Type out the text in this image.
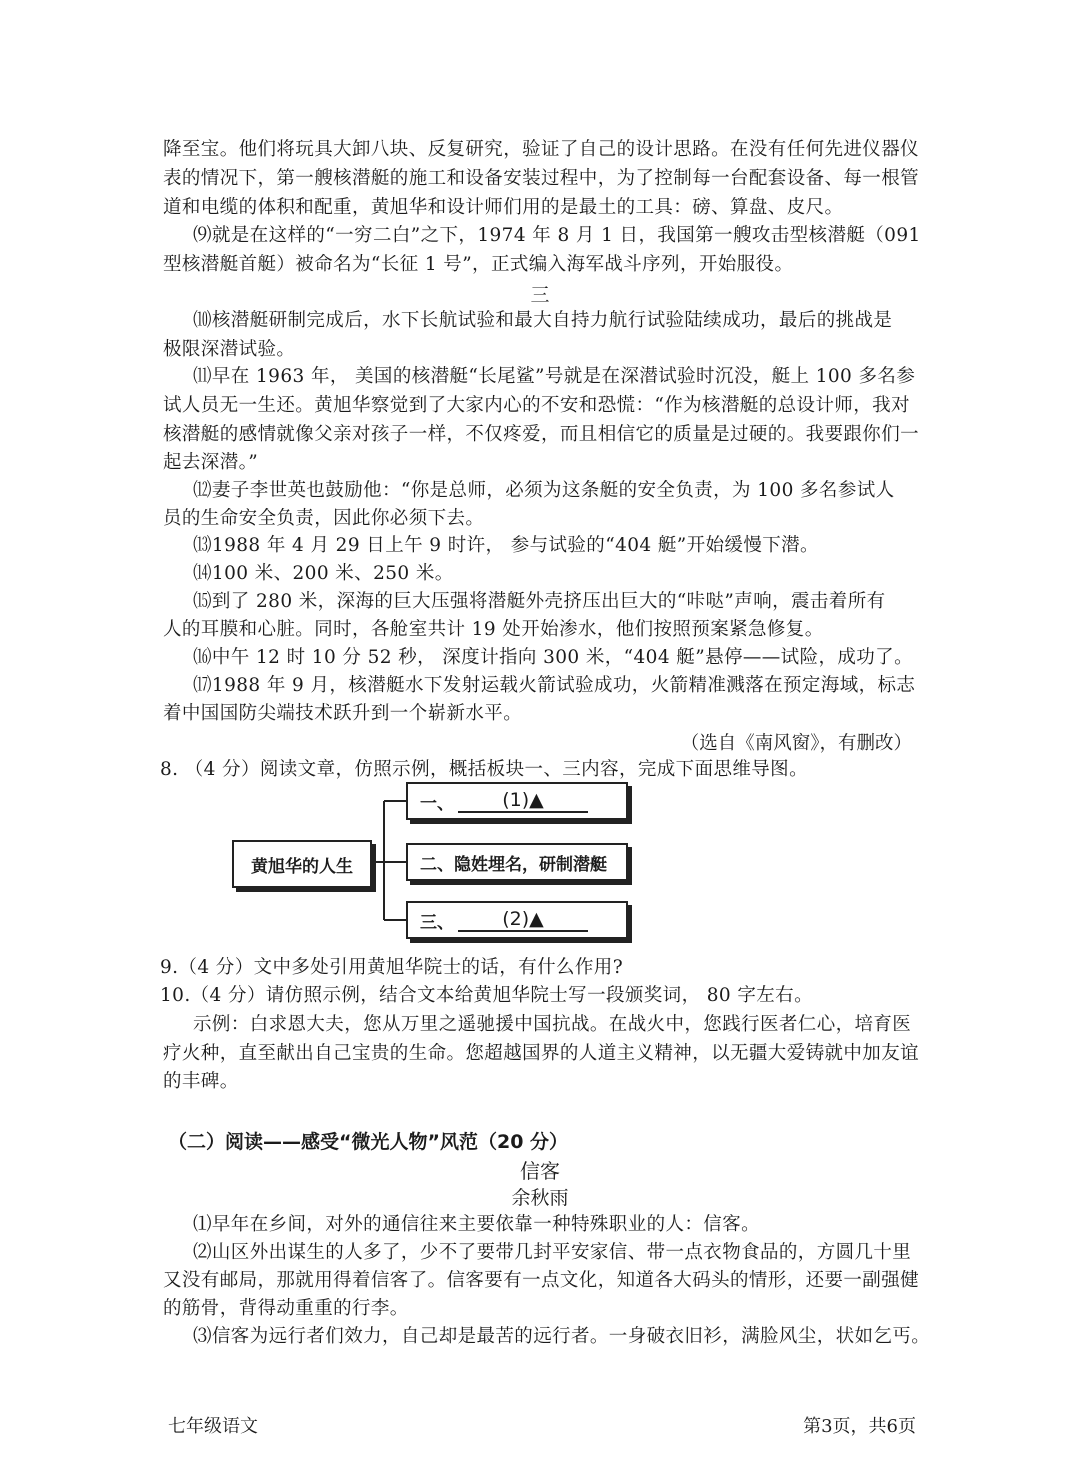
降至宝。他们将玩具大卸八块、反复研究，验证了自己的设计思路。在没有任何先进仪器仪
表的情况下，第一艘核潜艇的施工和设备安装过程中，为了控制每一台配套设备、每一根管
道和电缆的体积和配重，黄旭华和设计师们用的是最土的工具：磅、算盘、皮尺。
⑼就是在这样的“一穷二白”之下，1974 年 8 月 1 日，我国第一艘攻击型核潜艇（091
型核潜艇首艇）被命名为“长征 1 号”，正式编入海军战斗序列，开始服役。
三
⑽核潜艇研制完成后，水下长航试验和最大自持力航行试验陆续成功，最后的挑战是
极限深潜试验。
⑾早在 1963 年， 美国的核潜艇“长尾鲨”号就是在深潜试验时沉没，艇上 100 多名参
试人员无一生还。黄旭华察觉到了大家内心的不安和恐慌：“作为核潜艇的总设计师，我对
核潜艇的感情就像父亲对孩子一样，不仅疼爱，而且相信它的质量是过硬的。我要跟你们一
起去深潜。”
⑿妻子李世英也鼓励他：“你是总师，必须为这条艇的安全负责，为 100 多名参试人
员的生命安全负责，因此你必须下去。
⒀1988 年 4 月 29 日上午 9 时许， 参与试验的“404 艇”开始缓慢下潜。
⒁100 米、200 米、250 米。
⒂到了 280 米，深海的巨大压强将潜艇外壳挤压出巨大的“咔哒”声响，震击着所有
人的耳膜和心脏。同时，各舱室共计 19 处开始渗水，他们按照预案紧急修复。
⒃中午 12 时 10 分 52 秒， 深度计指向 300 米，“404 艇”悬停——试险，成功了。
⒄1988 年 9 月，核潜艇水下发射运载火箭试验成功，火箭精准溅落在预定海域，标志
着中国国防尖端技术跃升到一个崭新水平。
（选自《南风窗》，有删改）
8. （4 分）阅读文章，仿照示例，概括板块一、三内容，完成下面思维导图。
黄旭华的人生
一、	(1)▲
二、隐姓埋名，研制潜艇
三、	(2)▲
9.（4 分）文中多处引用黄旭华院士的话，有什么作用?
10.（4 分）请仿照示例，结合文本给黄旭华院士写一段颁奖词， 80 字左右。
示例：白求恩大夫，您从万里之遥驰援中国抗战。在战火中，您践行医者仁心，培育医
疗火种，直至献出自己宝贵的生命。您超越国界的人道主义精神，以无疆大爱铸就中加友谊
的丰碑。
（二）阅读——感受“微光人物”风范（20 分）
信客
余秋雨
⑴早年在乡间，对外的通信往来主要依靠一种特殊职业的人：信客。
⑵山区外出谋生的人多了，少不了要带几封平安家信、带一点衣物食品的，方圆几十里
又没有邮局，那就用得着信客了。信客要有一点文化，知道各大码头的情形，还要一副强健
的筋骨，背得动重重的行李。
⑶信客为远行者们效力，自己却是最苦的远行者。一身破衣旧衫，满脸风尘，状如乞丐。
七年级语文	第3页，共6页
